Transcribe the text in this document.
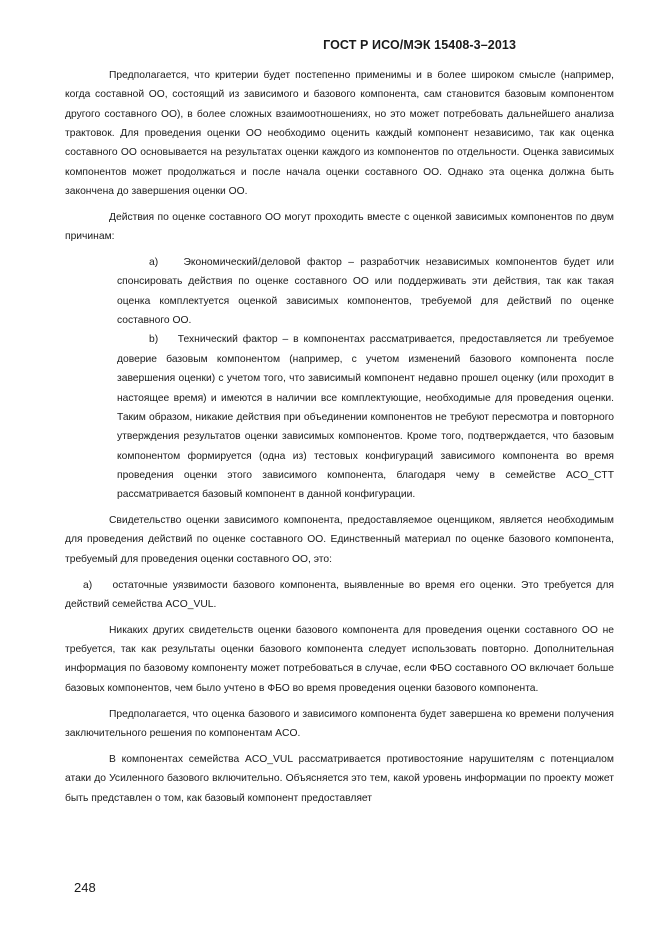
ГОСТ Р ИСО/МЭК 15408-3–2013

Предполагается, что критерии будет постепенно применимы и в более широком смысле (например, когда составной ОО, состоящий из зависимого и базового компонента, сам становится базовым компонентом другого составного ОО), в более сложных взаимоотношениях, но это может потребовать дальнейшего анализа трактовок. Для проведения оценки ОО необходимо оценить каждый компонент независимо, так как оценка составного ОО основывается на результатах оценки каждого из компонентов по отдельности. Оценка зависимых компонентов может продолжаться и после начала оценки составного ОО. Однако эта оценка должна быть закончена до завершения оценки ОО.

Действия по оценке составного ОО могут проходить вместе с оценкой зависимых компонентов по двум причинам:

a)    Экономический/деловой фактор – разработчик независимых компонентов будет или спонсировать действия по оценке составного ОО или поддерживать эти действия, так как такая оценка комплектуется оценкой зависимых компонентов, требуемой для действий по оценке составного ОО.

b)    Технический фактор – в компонентах рассматривается, предоставляется ли требуемое доверие базовым компонентом (например, с учетом изменений базового компонента после завершения оценки) с учетом того, что зависимый компонент недавно прошел оценку (или проходит в настоящее время) и имеются в наличии все комплектующие, необходимые для проведения оценки. Таким образом, никакие действия при объединении компонентов не требуют пересмотра и повторного утверждения результатов оценки зависимых компонентов. Кроме того, подтверждается, что базовым компонентом формируется (одна из) тестовых конфигураций зависимого компонента во время проведения оценки этого зависимого компонента, благодаря чему в семействе ACO_CTT рассматривается базовый компонент в данной конфигурации.

Свидетельство оценки зависимого компонента, предоставляемое оценщиком, является необходимым для проведения действий по оценке составного ОО. Единственный материал по оценке базового компонента, требуемый для проведения оценки составного ОО, это:

a)    остаточные уязвимости базового компонента, выявленные во время его оценки. Это требуется для действий семейства ACO_VUL.

Никаких других свидетельств оценки базового компонента для проведения оценки составного ОО не требуется, так как результаты оценки базового компонента следует использовать повторно. Дополнительная информация по базовому компоненту может потребоваться в случае, если ФБО составного ОО включает больше базовых компонентов, чем было учтено в ФБО во время проведения оценки базового компонента.

Предполагается, что оценка базового и зависимого компонента будет завершена ко времени получения заключительного решения по компонентам ACO.

В компонентах семейства ACO_VUL рассматривается противостояние нарушителям с потенциалом атаки до Усиленного базового включительно. Объясняется это тем, какой уровень информации по проекту может быть представлен о том, как базовый компонент предоставляет

248
